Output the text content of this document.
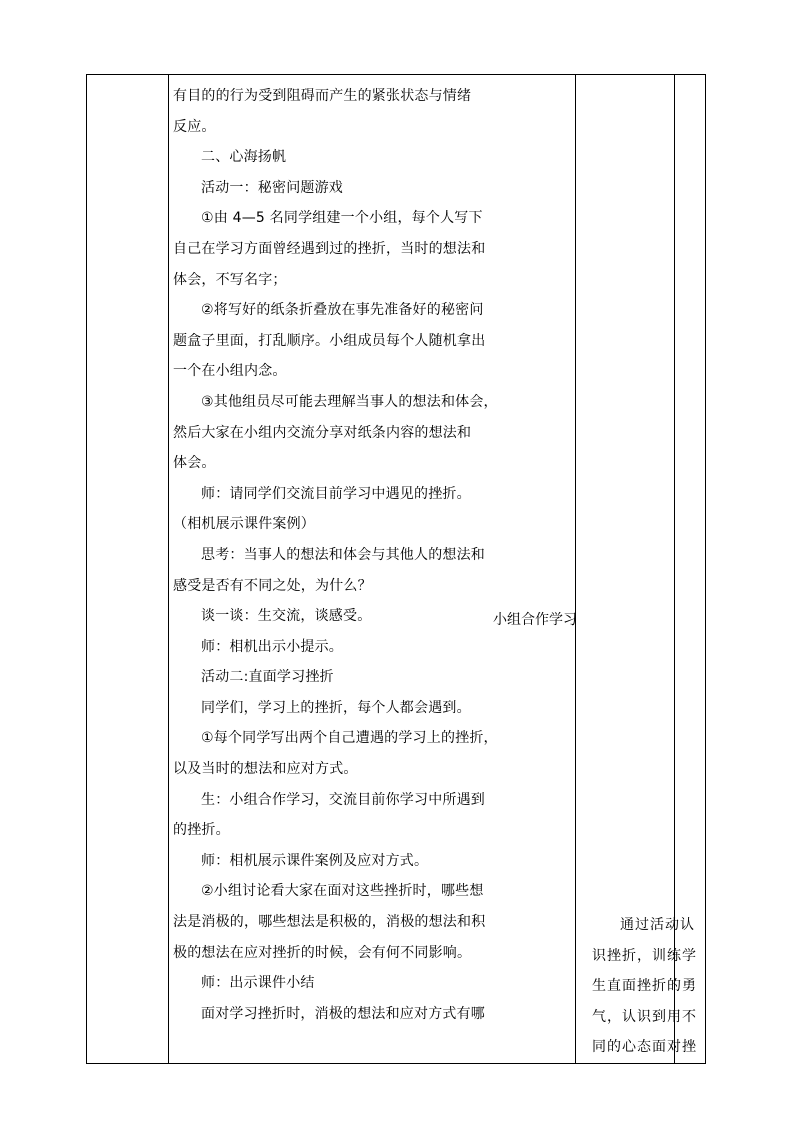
有目的的行为受到阻碍而产生的紧张状态与情绪

反应。

二、心海扬帆

活动一：秘密问题游戏

①由 4—5 名同学组建一个小组，每个人写下

自己在学习方面曾经遇到过的挫折，当时的想法和

体会，不写名字；

②将写好的纸条折叠放在事先准备好的秘密问

题盒子里面，打乱顺序。小组成员每个人随机拿出

一个在小组内念。

③其他组员尽可能去理解当事人的想法和体会，

然后大家在小组内交流分享对纸条内容的想法和

体会。

师：请同学们交流目前学习中遇见的挫折。

（相机展示课件案例）

思考：当事人的想法和体会与其他人的想法和

感受是否有不同之处，为什么？

谈一谈：生交流，谈感受。

师：相机出示小提示。

活动二:直面学习挫折

同学们，学习上的挫折，每个人都会遇到。

①每个同学写出两个自己遭遇的学习上的挫折，

以及当时的想法和应对方式。

生：小组合作学习，交流目前你学习中所遇到

的挫折。

师：相机展示课件案例及应对方式。

②小组讨论看大家在面对这些挫折时，哪些想

法是消极的，哪些想法是积极的，消极的想法和积

极的想法在应对挫折的时候，会有何不同影响。

师：出示课件小结

面对学习挫折时，消极的想法和应对方式有哪

小组合作学习

通过活动认

识挫折，训练学

生直面挫折的勇

气，认识到用不

同的心态面对挫
